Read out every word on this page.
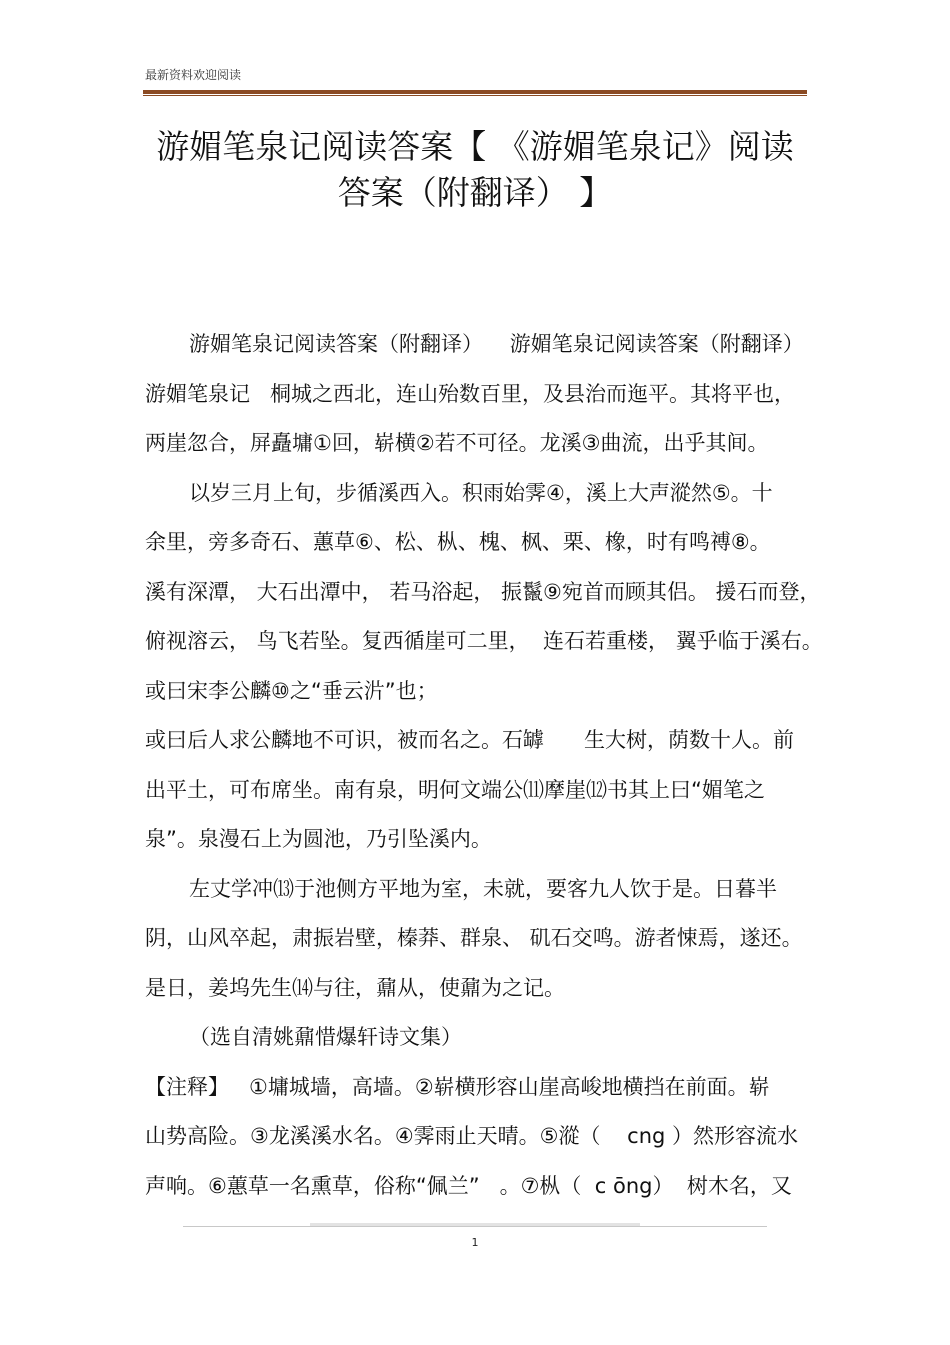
最新资料欢迎阅读
游媚笔泉记阅读答案【 《游媚笔泉记》阅读
答案（附翻译） 】
游媚笔泉记阅读答案（附翻译）    游媚笔泉记阅读答案（附翻译）
游媚笔泉记   桐城之西北，连山殆数百里，及县治而迤平。其将平也，
两崖忽合，屏矗墉①回，崭横②若不可径。龙溪③曲流，出乎其间。
以岁三月上旬，步循溪西入。积雨始霁④，溪上大声漎然⑤。十
余里，旁多奇石、蕙草⑥、松、枞、槐、枫、栗、橡，时有鸣禣⑧。
溪有深潭， 大石出潭中， 若马浴起， 振鬣⑨宛首而顾其侣。 援石而登，
俯视溶云， 鸟飞若坠。复西循崖可二里，  连石若重楼， 翼乎临于溪右。
或曰宋李公麟⑩之“垂云沜”也；
或曰后人求公麟地不可识，被而名之。石罅      生大树，荫数十人。前
出平土，可布席坐。南有泉，明何文端公⑾摩崖⑿书其上曰“媚笔之
泉”。泉漫石上为圆池，乃引坠溪内。
左丈学冲⒀于池侧方平地为室，未就，要客九人饮于是。日暮半
阴，山风卒起，肃振岩壁，榛莽、群泉、 矶石交鸣。游者悚焉，遂还。
是日，姜坞先生⒁与往，鼐从，使鼐为之记。
（选自清姚鼐惜爆轩诗文集）
【注释】   ①墉城墙，高墙。②崭横形容山崖高峻地横挡在前面。崭
山势高险。③龙溪溪水名。④霁雨止天晴。⑤漎（    cng ）然形容流水
声响。⑥蕙草一名熏草，俗称“佩兰”   。⑦枞（  c ōng）  树木名，又
1
